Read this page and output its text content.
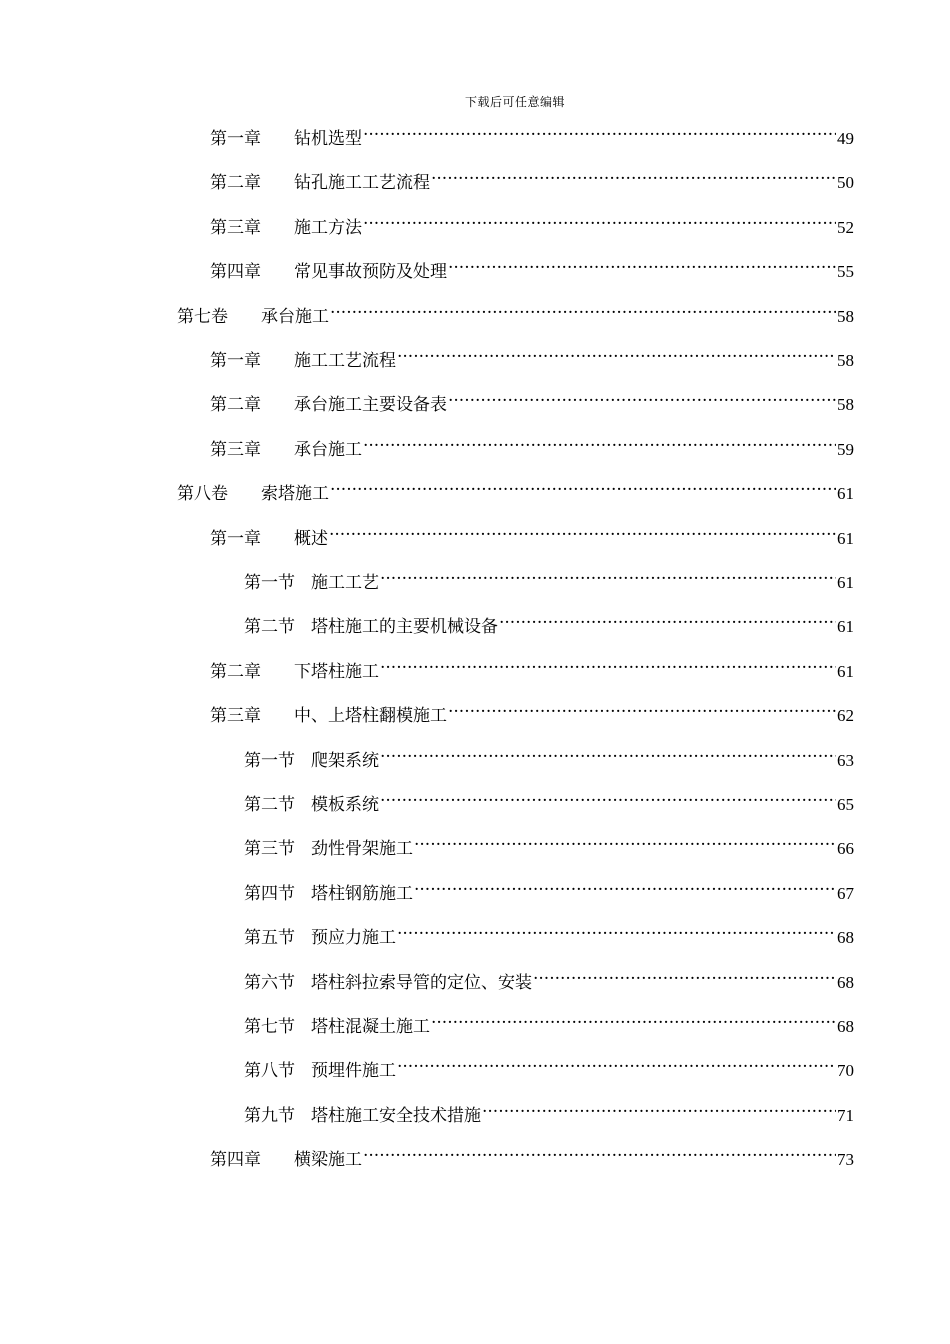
下载后可任意编辑
第一章	钻机选型 .....	49
第二章	钻孔施工工艺流程 .....	50
第三章	施工方法 .....	52
第四章	常见事故预防及处理 .....	55
第七卷	承台施工 .....	58
第一章	施工工艺流程 .....	58
第二章	承台施工主要设备表 .....	58
第三章	承台施工 .....	59
第八卷	索塔施工 .....	61
第一章	概述 .....	61
第一节 施工工艺 .....	61
第二节 塔柱施工的主要机械设备 .....	61
第二章	下塔柱施工 .....	61
第三章	中、上塔柱翻模施工 .....	62
第一节 爬架系统 .....	63
第二节 模板系统 .....	65
第三节 劲性骨架施工 .....	66
第四节 塔柱钢筋施工 .....	67
第五节 预应力施工 .....	68
第六节 塔柱斜拉索导管的定位、安装 .....	68
第七节 塔柱混凝土施工 .....	68
第八节 预埋件施工 .....	70
第九节 塔柱施工安全技术措施 .....	71
第四章	横梁施工 .....	73
